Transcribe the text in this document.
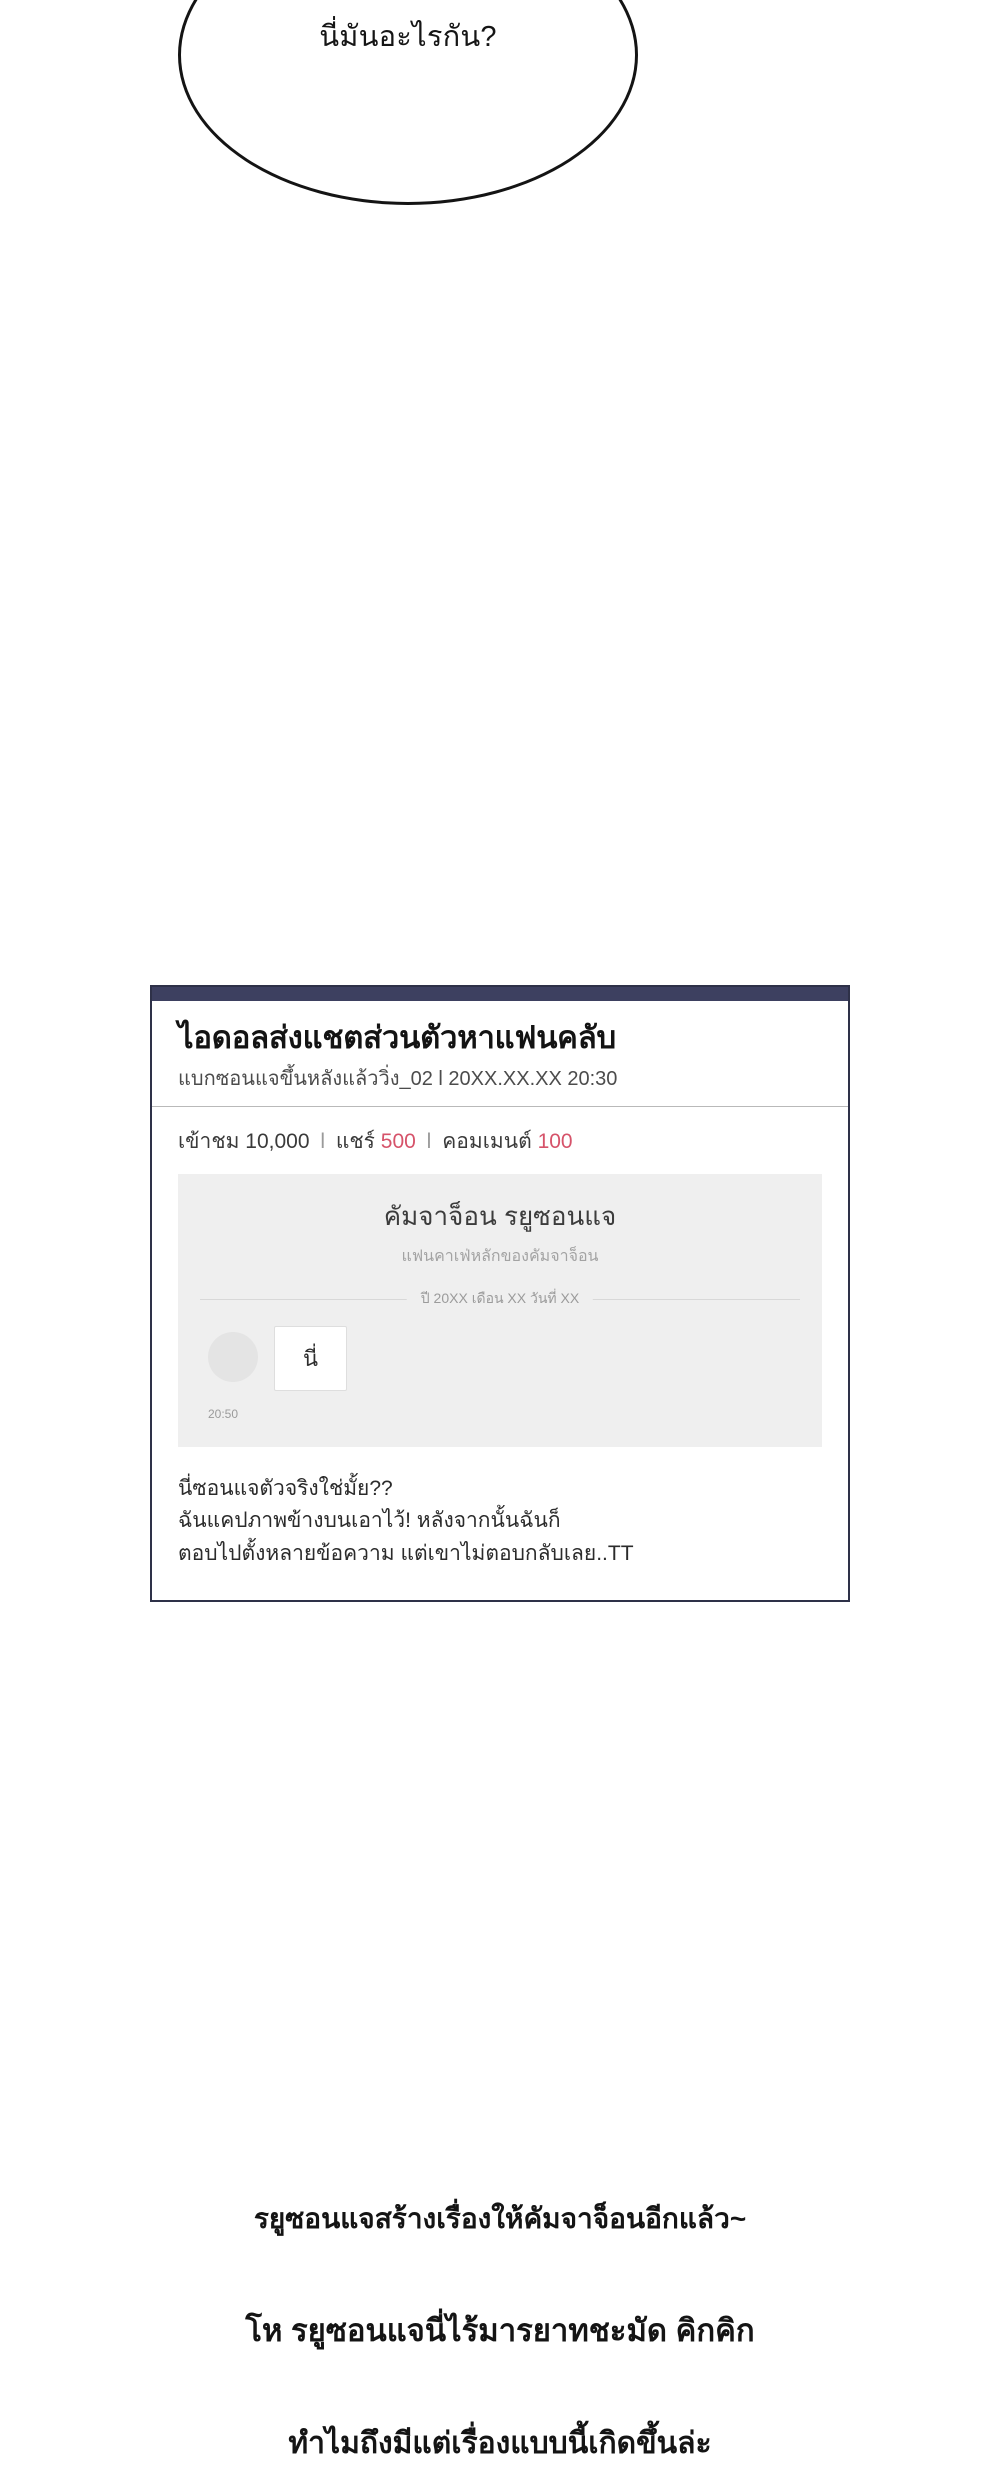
นี่มันอะไรกัน?
ไอดอลส่งแชตส่วนตัวหาแฟนคลับ
แบกซอนแจขึ้นหลังแล้ววิ่ง_02 l 20XX.XX.XX 20:30
เข้าชม 10,000 l แชร์ 500 l คอมเมนต์ 100
คัมจาจ็อน รยูซอนแจ
แฟนคาเฟ่หลักของคัมจาจ็อน
ปี 20XX เดือน XX วันที่ XX
นี่
20:50
นี่ซอนแจตัวจริงใช่มั้ย??
ฉันแคปภาพข้างบนเอาไว้! หลังจากนั้นฉันก็
ตอบไปตั้งหลายข้อความ แต่เขาไม่ตอบกลับเลย..TT
รยูซอนแจสร้างเรื่องให้คัมจาจ็อนอีกแล้ว~
โห รยูซอนแจนี่ไร้มารยาทชะมัด คิกคิก
ทำไมถึงมีแต่เรื่องแบบนี้เกิดขึ้นล่ะ
